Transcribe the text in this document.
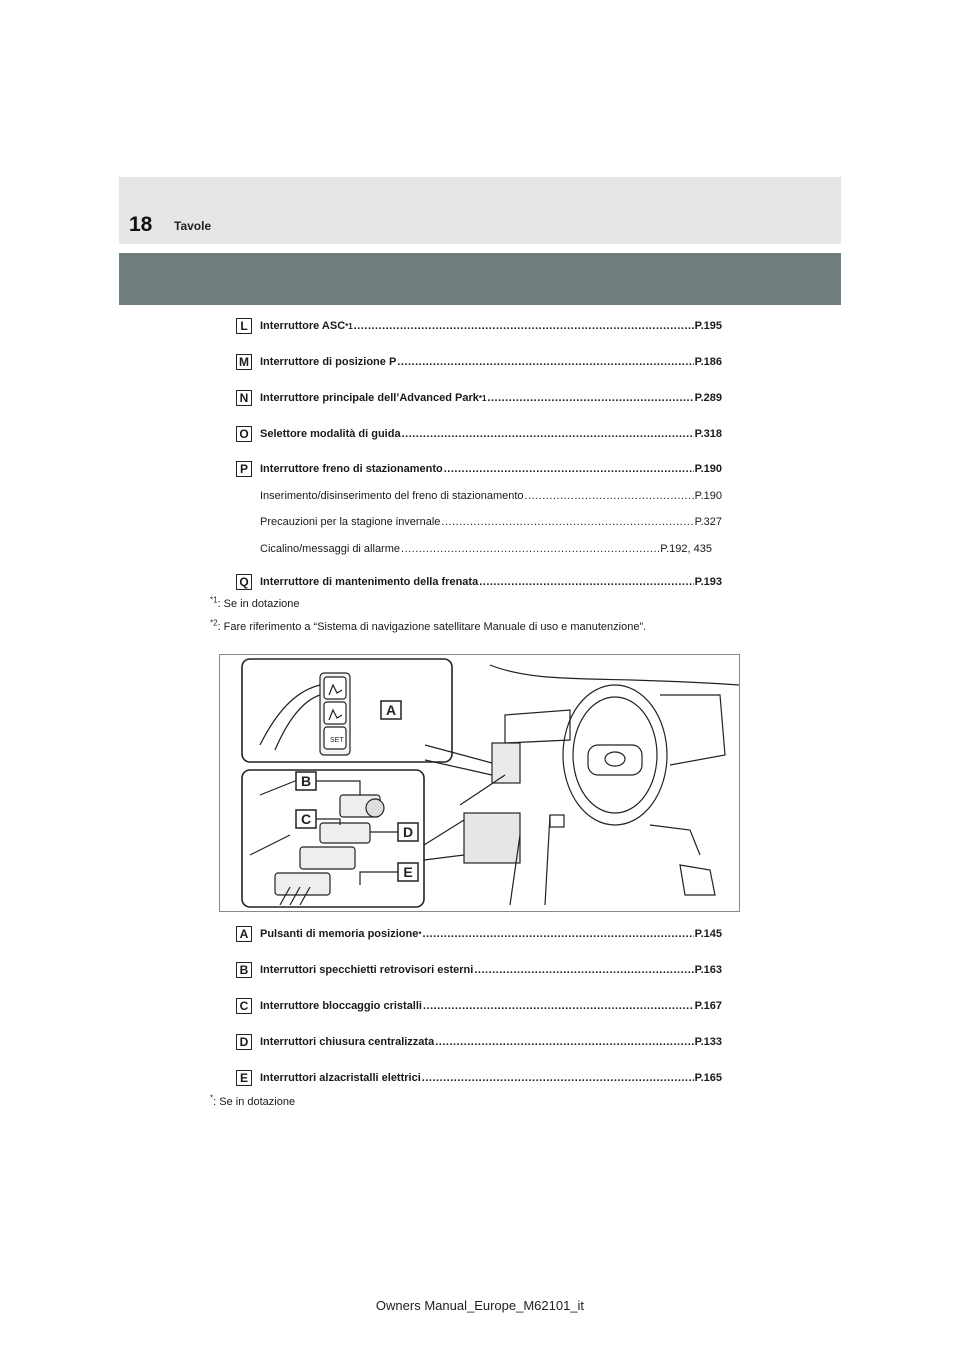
18 Tavole
L	Interruttore ASC *1 .....	P.195
M Interruttore di posizione P .....	P.186
N	Interruttore principale dell’Advanced Park *1 .....	P.289
O	Selettore modalità di guida .....	P.318
P	Interruttore freno di stazionamento .....	P.190
Inserimento/disinserimento del freno di stazionamento .....	P.190
Precauzioni per la stagione invernale .....	P.327
Cicalino/messaggi di allarme .....	P.192, 435
Q	Interruttore di mantenimento della frenata .....	P.193
$^{*1}$: Se in dotazione
$^{*2}$: Fare riferimento a “Sistema di navigazione satellitare Manuale di uso e manutenzione”.
SET
A
B
C
D
E
A	Pulsanti di memoria posizione * .....	P.145
B	Interruttori specchietti retrovisori esterni .....	P.163
C	Interruttore bloccaggio cristalli .....	P.167
D	Interruttori chiusura centralizzata .....	P.133
E	Interruttori alzacristalli elettrici .....	P.165
*: Se in dotazione
Owners Manual_Europe_M62101_it
